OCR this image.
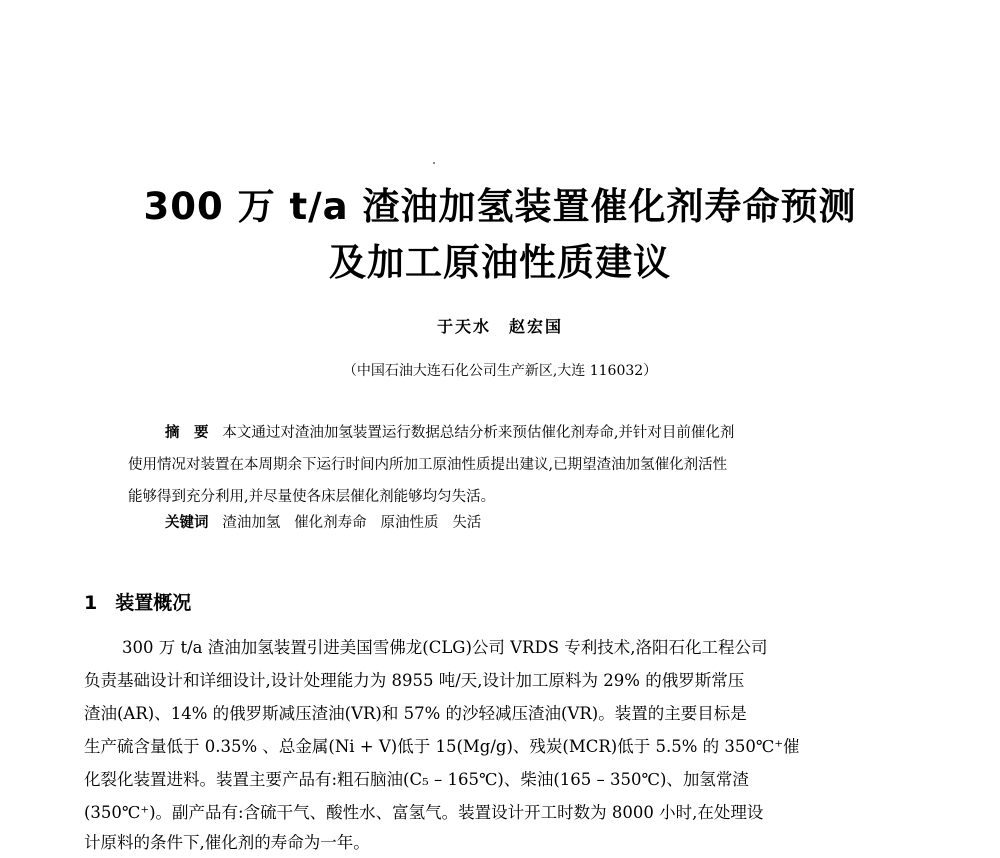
300 万 t/a 渣油加氢装置催化剂寿命预测
及加工原油性质建议
于天水　赵宏国
（中国石油大连石化公司生产新区,大连 116032）
摘　要 本文通过对渣油加氢装置运行数据总结分析来预估催化剂寿命,并针对目前催化剂
使用情况对装置在本周期余下运行时间内所加工原油性质提出建议,已期望渣油加氢催化剂活性
能够得到充分利用,并尽量使各床层催化剂能够均匀失活。
关键词 渣油加氢 催化剂寿命 原油性质 失活
1 装置概况
300 万 t/a 渣油加氢装置引进美国雪佛龙(CLG)公司 VRDS 专利技术,洛阳石化工程公司
负责基础设计和详细设计,设计处理能力为 8955 吨/天,设计加工原料为 29% 的俄罗斯常压
渣油(AR)、14% 的俄罗斯减压渣油(VR)和 57% 的沙轻减压渣油(VR)。装置的主要目标是
生产硫含量低于 0.35% 、总金属(Ni + V)低于 15(Mg/g)、残炭(MCR)低于 5.5% 的 350℃⁺催
化裂化装置进料。装置主要产品有:粗石脑油(C₅ – 165℃)、柴油(165 – 350℃)、加氢常渣
(350℃⁺)。副产品有:含硫干气、酸性水、富氢气。装置设计开工时数为 8000 小时,在处理设
计原料的条件下,催化剂的寿命为一年。
